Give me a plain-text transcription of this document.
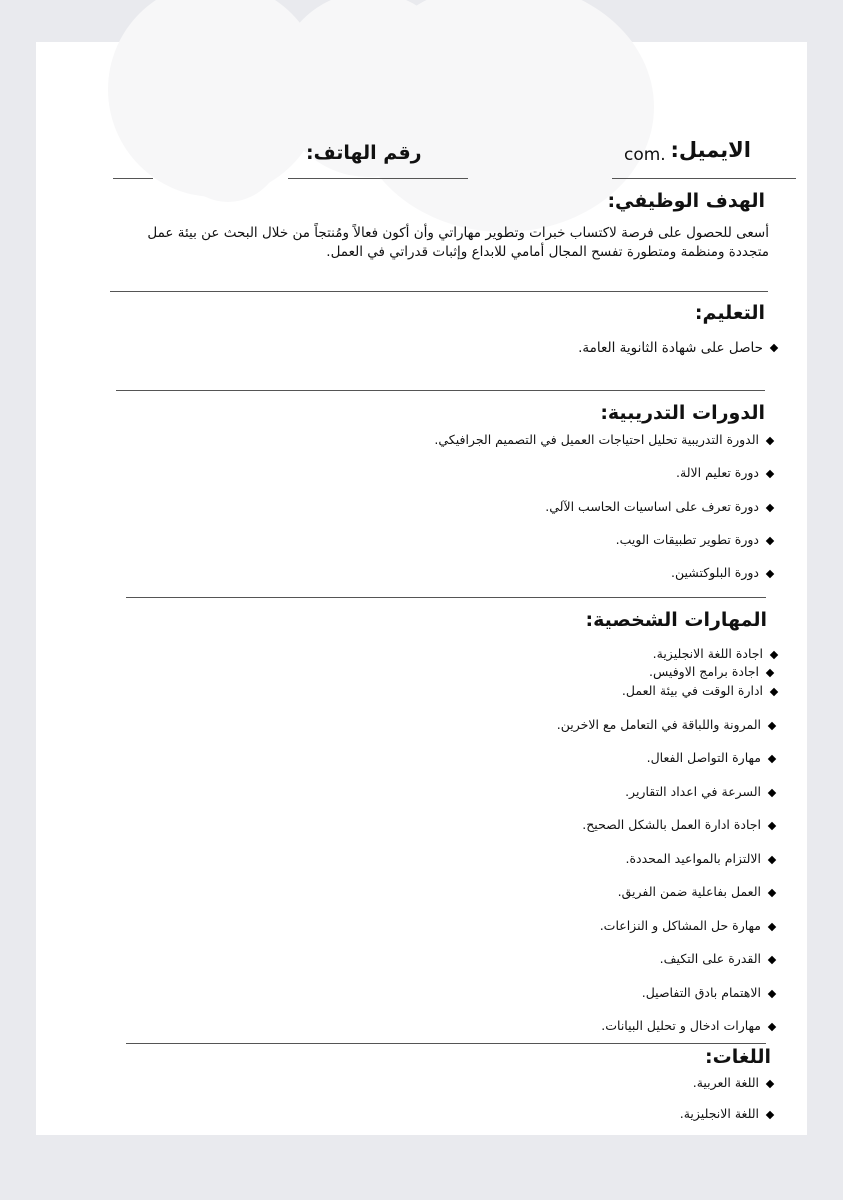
الايميل:
com.
رقم الهاتف:
الهدف الوظيفي:
أسعى للحصول على فرصة لاكتساب خبرات وتطوير مهاراتي وأن أكون فعالاً ومُنتجاً من خلال البحث عن بيئة عمل متجددة ومنظمة ومتطورة تفسح المجال أمامي للابداع وإثبات قدراتي في العمل.
التعليم:
حاصل على شهادة الثانوية العامة.
الدورات التدريبية:
الدورة التدريبية تحليل احتياجات العميل في التصميم الجرافيكي.
دورة تعليم الالة.
دورة تعرف على اساسيات الحاسب الآلي.
دورة تطوير تطبيقات الويب.
دورة البلوكتشين.
المهارات الشخصية:
اجادة اللغة الانجليزية.
اجادة برامج الاوفيس.
ادارة الوقت في بيئة العمل.
المرونة واللباقة في التعامل مع الاخرين.
مهارة التواصل الفعال.
السرعة في اعداد التقارير.
اجادة ادارة العمل بالشكل الصحيح.
الالتزام بالمواعيد المحددة.
العمل بفاعلية ضمن الفريق.
مهارة حل المشاكل و النزاعات.
القدرة على التكيف.
الاهتمام بادق التفاصيل.
مهارات ادخال و تحليل البيانات.
اللغات:
اللغة العربية.
اللغة الانجليزية.
